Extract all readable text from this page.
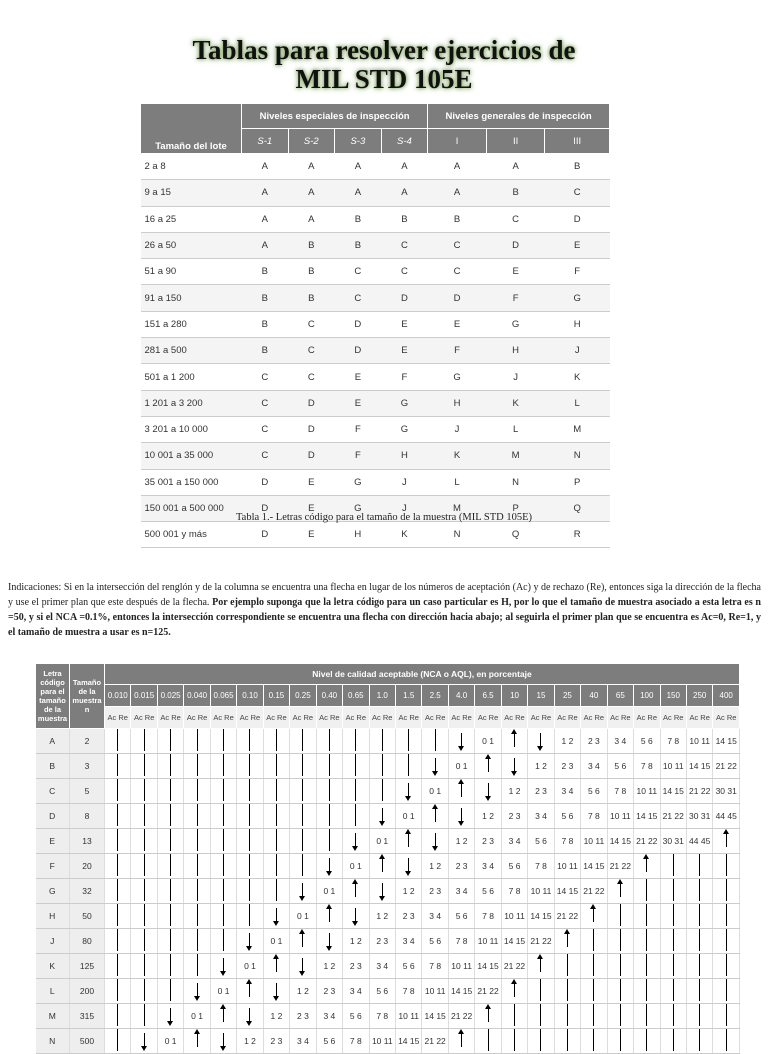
Tablas para resolver ejercicios de
MIL STD 105E
Tamaño del lote	Niveles especiales de inspección				Niveles generales de inspección		
	S-1	S-2	S-3	S-4	I	II	III
2 a 8	A	A	A	A	A	A	B
9 a 15	A	A	A	A	A	B	C
16 a 25	A	A	B	B	B	C	D
26 a 50	A	B	B	C	C	D	E
51 a 90	B	B	C	C	C	E	F
91 a 150	B	B	C	D	D	F	G
151 a 280	B	C	D	E	E	G	H
281 a 500	B	C	D	E	F	H	J
501 a 1 200	C	C	E	F	G	J	K
1 201 a 3 200	C	D	E	G	H	K	L
3 201 a 10 000	C	D	F	G	J	L	M
10 001 a 35 000	C	D	F	H	K	M	N
35 001 a 150 000	D	E	G	J	L	N	P
150 001 a 500 000	D	E	G	J	M	P	Q
500 001 y más	D	E	H	K	N	Q	R
Tabla 1.- Letras código para el tamaño de la muestra (MIL STD 105E)
Indicaciones: Si en la intersección del renglón y de la columna se encuentra una flecha en lugar de los números de aceptación (Ac) y de rechazo (Re), entonces siga la dirección de la flecha y use el primer plan que este después de la flecha. Por ejemplo suponga que la letra código para un caso particular es H, por lo que el tamaño de muestra asociado a esta letra es n =50, y si el NCA =0.1%, entonces la intersección correspondiente se encuentra una flecha con dirección hacia abajo; al seguirla el primer plan que se encuentra es Ac=0, Re=1, y el tamaño de muestra a usar es n=125.
Letra código para el tamaño de la muestra	Tamaño de la muestra n	Nivel de calidad aceptable (NCA o AQL), en porcentaje																							
		0.010	0.015	0.025	0.040	0.065	0.10	0.15	0.25	0.40	0.65	1.0	1.5	2.5	4.0	6.5	10	15	25	40	65	100	150	250	400
		Ac Re	Ac Re	Ac Re	Ac Re	Ac Re	Ac Re	Ac Re	Ac Re	Ac Re	Ac Re	Ac Re	Ac Re	Ac Re	Ac Re	Ac Re	Ac Re	Ac Re	Ac Re	Ac Re	Ac Re	Ac Re	Ac Re	Ac Re	Ac Re
A	2															0 1			1 2	2 3	3 4	5 6	7 8	10 11	14 15
B	3														0 1			1 2	2 3	3 4	5 6	7 8	10 11	14 15	21 22
C	5													0 1			1 2	2 3	3 4	5 6	7 8	10 11	14 15	21 22	30 31
D	8												0 1			1 2	2 3	3 4	5 6	7 8	10 11	14 15	21 22	30 31	44 45
E	13											0 1			1 2	2 3	3 4	5 6	7 8	10 11	14 15	21 22	30 31	44 45	
F	20										0 1			1 2	2 3	3 4	5 6	7 8	10 11	14 15	21 22				
G	32									0 1			1 2	2 3	3 4	5 6	7 8	10 11	14 15	21 22					
H	50								0 1			1 2	2 3	3 4	5 6	7 8	10 11	14 15	21 22						
J	80							0 1			1 2	2 3	3 4	5 6	7 8	10 11	14 15	21 22							
K	125						0 1			1 2	2 3	3 4	5 6	7 8	10 11	14 15	21 22								
L	200					0 1			1 2	2 3	3 4	5 6	7 8	10 11	14 15	21 22									
M	315				0 1			1 2	2 3	3 4	5 6	7 8	10 11	14 15	21 22										
N	500			0 1			1 2	2 3	3 4	5 6	7 8	10 11	14 15	21 22											
